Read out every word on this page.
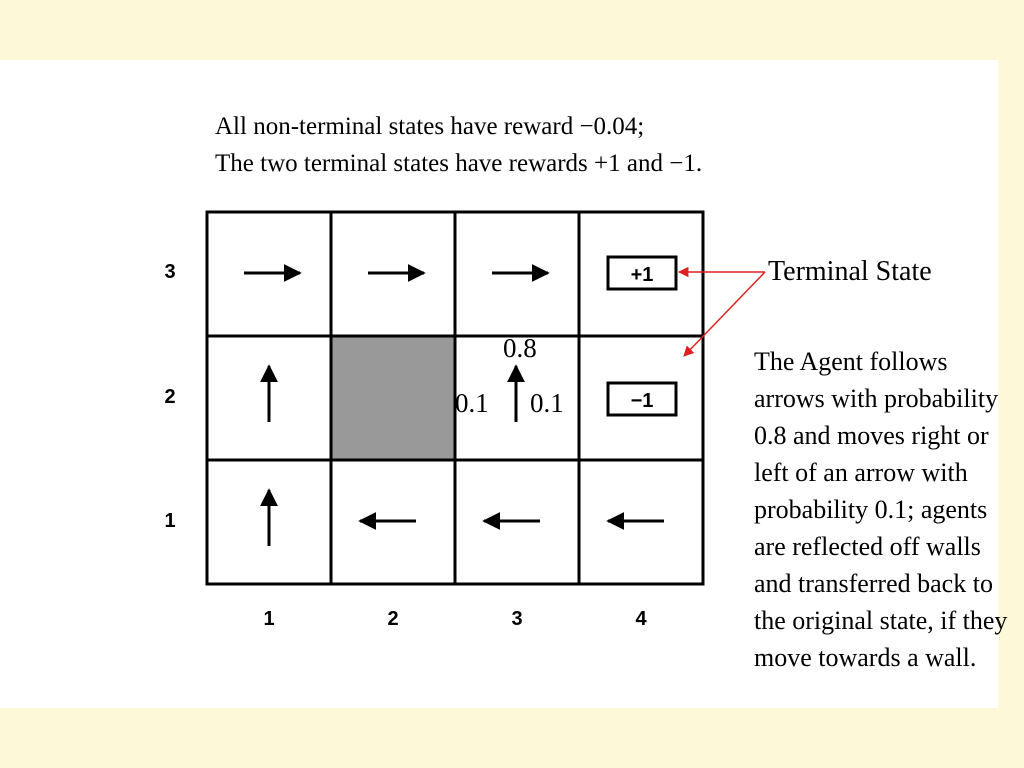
All non-terminal states have reward −0.04;
The two terminal states have rewards +1 and −1.
+1
−1
3
2
1
1	2	3	4
0.8
0.1 0.1
Terminal State
The Agent follows
arrows with probability
0.8 and moves right or
left of an arrow with
probability 0.1; agents
are reflected off walls
and transferred back to
the original state, if they
move towards a wall.
